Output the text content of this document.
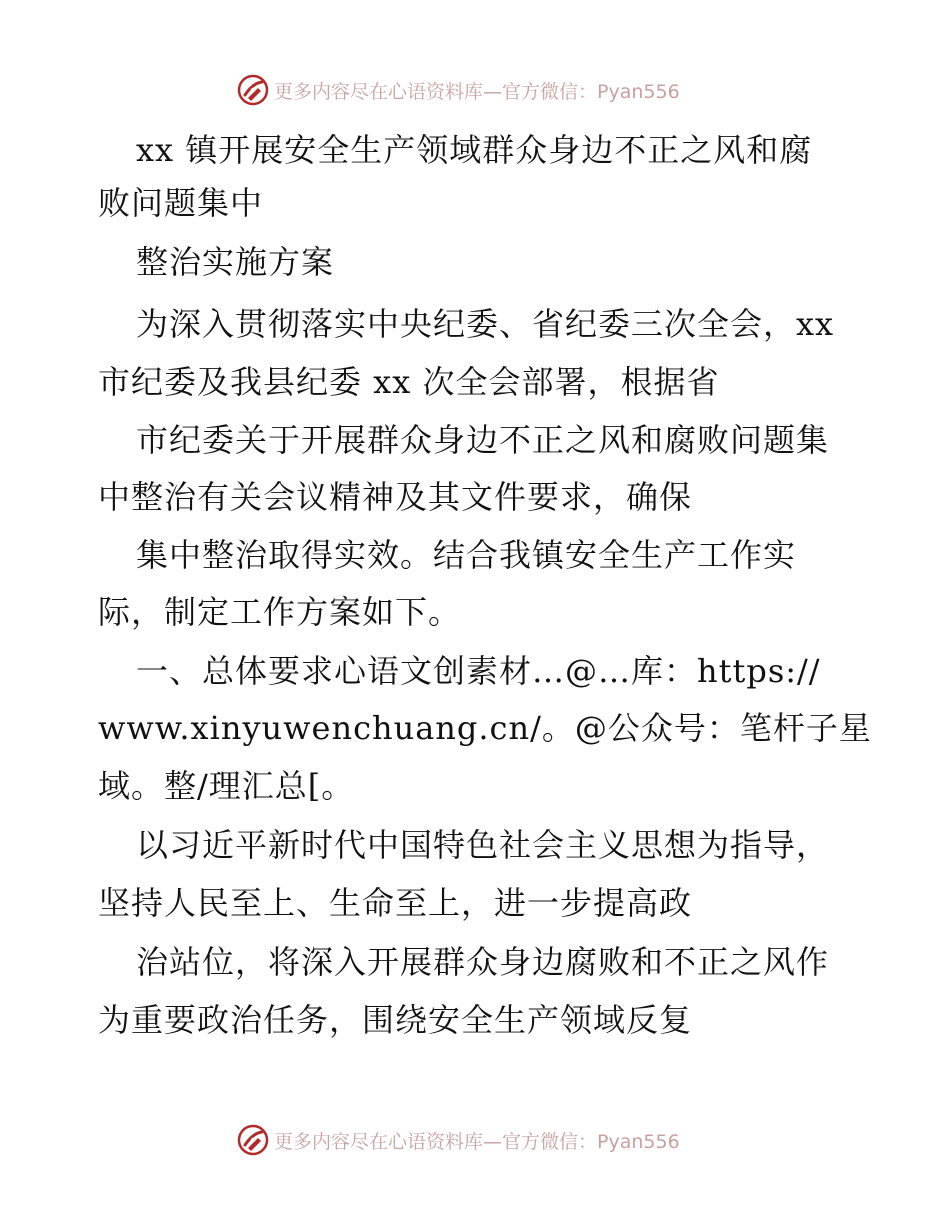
更多内容尽在心语资料库—官方微信：Pyan556
xx 镇开展安全生产领域群众身边不正之风和腐
败问题集中
整治实施方案
为深入贯彻落实中央纪委、省纪委三次全会，xx
市纪委及我县纪委 xx 次全会部署，根据省
市纪委关于开展群众身边不正之风和腐败问题集
中整治有关会议精神及其文件要求，确保
集中整治取得实效。结合我镇安全生产工作实
际，制定工作方案如下。
一、总体要求心语文创素材…@…库：https://
www.xinyuwenchuang.cn/。@公众号：笔杆子星
域。整/理汇总[。
以习近平新时代中国特色社会主义思想为指导，
坚持人民至上、生命至上，进一步提高政
治站位，将深入开展群众身边腐败和不正之风作
为重要政治任务，围绕安全生产领域反复
更多内容尽在心语资料库—官方微信：Pyan556
